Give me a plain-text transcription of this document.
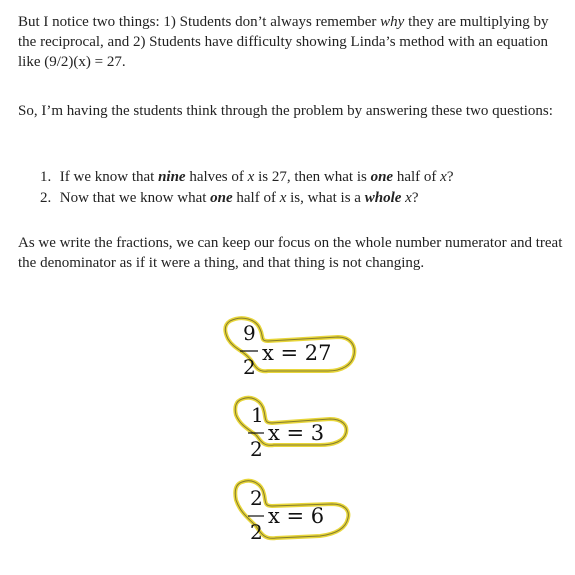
But I notice two things: 1) Students don’t always remember why they are multiplying by the reciprocal, and 2) Students have difficulty showing Linda’s method with an equation like (9/2)(x) = 27.

So, I’m having the students think through the problem by answering these two questions:

1. If we know that nine halves of x is 27, then what is one half of x?
2. Now that we know what one half of x is, what is a whole x?

As we write the fractions, we can keep our focus on the whole number numerator and treat the denominator as if it were a thing, and that thing is not changing.

9
2
x = 27
1
2
x = 3
2
2
x = 6
